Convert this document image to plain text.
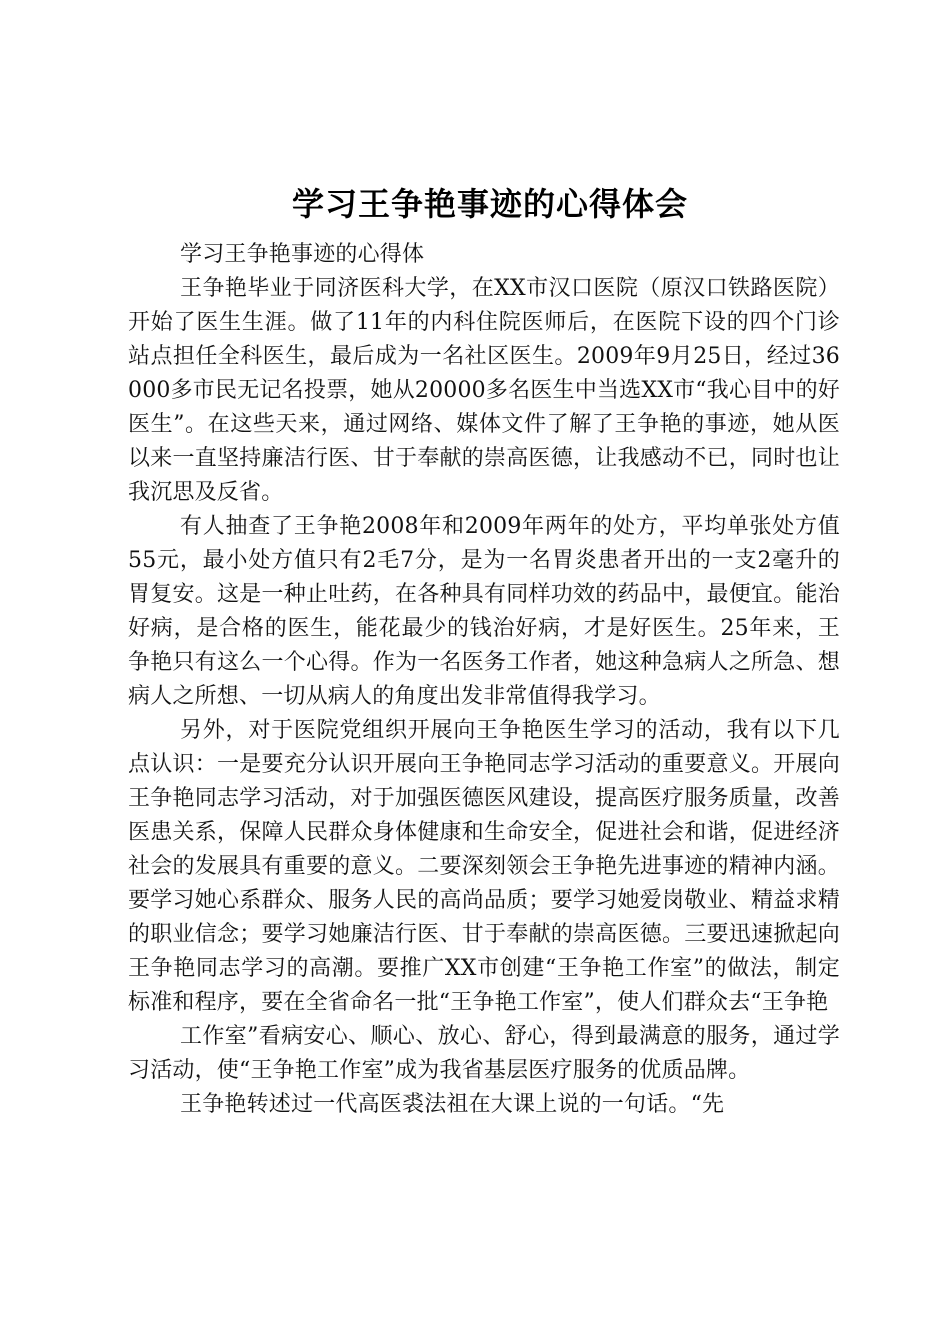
学习王争艳事迹的心得体会

学习王争艳事迹的心得体

王争艳毕业于同济医科大学，在XX市汉口医院（原汉口铁路医院）开始了医生生涯。做了11年的内科住院医师后，在医院下设的四个门诊站点担任全科医生，最后成为一名社区医生。2009年9月25日，经过36000多市民无记名投票，她从20000多名医生中当选XX市“我心目中的好医生”。在这些天来，通过网络、媒体文件了解了王争艳的事迹，她从医以来一直坚持廉洁行医、甘于奉献的崇高医德，让我感动不已，同时也让我沉思及反省。

有人抽查了王争艳2008年和2009年两年的处方，平均单张处方值55元，最小处方值只有2毛7分，是为一名胃炎患者开出的一支2毫升的胃复安。这是一种止吐药，在各种具有同样功效的药品中，最便宜。能治好病，是合格的医生，能花最少的钱治好病，才是好医生。25年来，王争艳只有这么一个心得。作为一名医务工作者，她这种急病人之所急、想病人之所想、一切从病人的角度出发非常值得我学习。

另外，对于医院党组织开展向王争艳医生学习的活动，我有以下几点认识：一是要充分认识开展向王争艳同志学习活动的重要意义。开展向王争艳同志学习活动，对于加强医德医风建设，提高医疗服务质量，改善医患关系，保障人民群众身体健康和生命安全，促进社会和谐，促进经济社会的发展具有重要的意义。二要深刻领会王争艳先进事迹的精神内涵。要学习她心系群众、服务人民的高尚品质；要学习她爱岗敬业、精益求精的职业信念；要学习她廉洁行医、甘于奉献的崇高医德。三要迅速掀起向王争艳同志学习的高潮。要推广XX市创建“王争艳工作室”的做法，制定标准和程序，要在全省命名一批“王争艳工作室”，使人们群众去“王争艳

工作室”看病安心、顺心、放心、舒心，得到最满意的服务，通过学习活动，使“王争艳工作室”成为我省基层医疗服务的优质品牌。

王争艳转述过一代高医裘法祖在大课上说的一句话。“先
